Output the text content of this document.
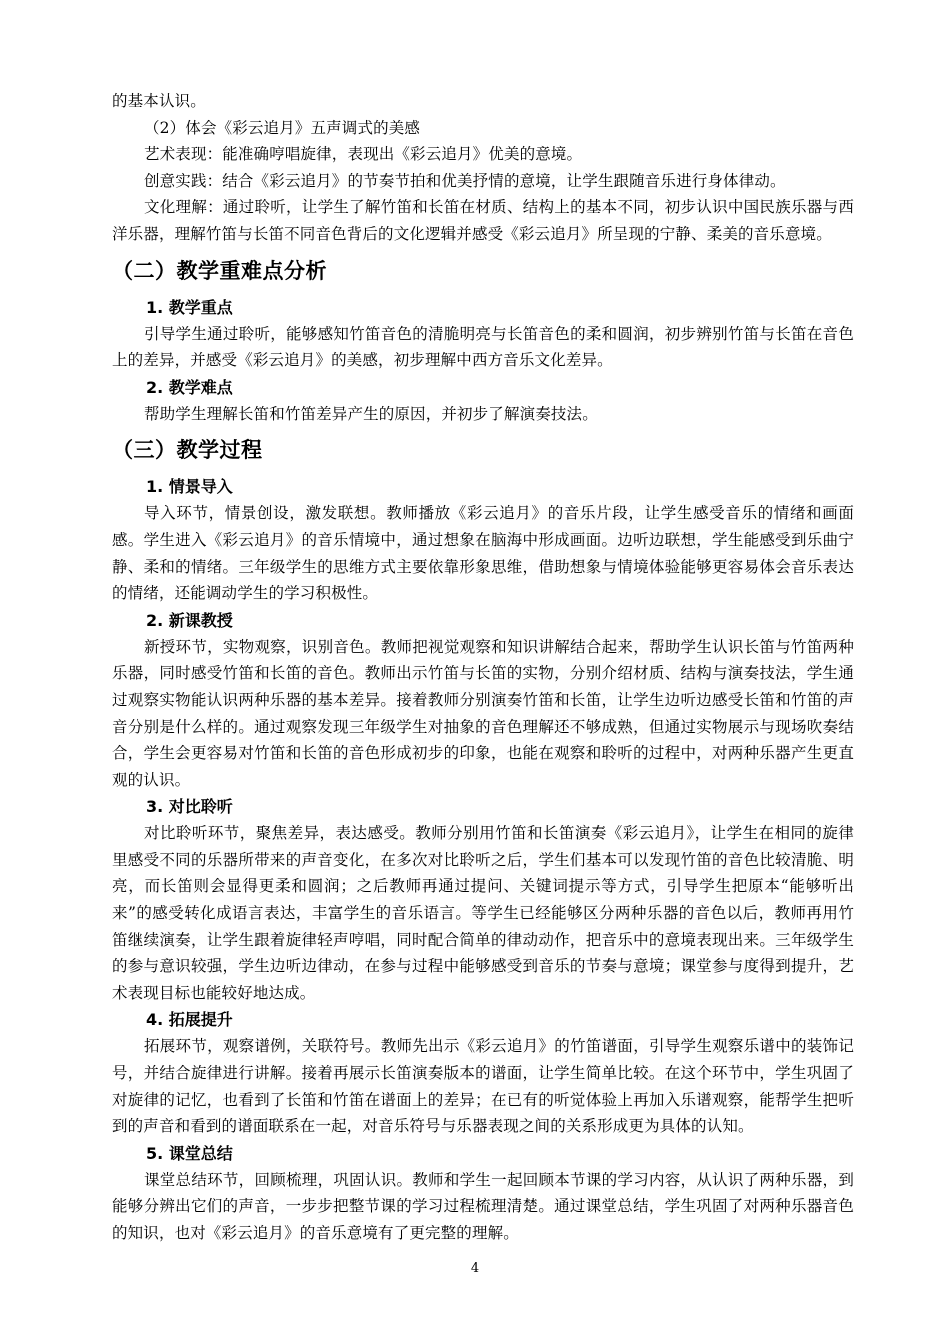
的基本认识。

（2）体会《彩云追月》五声调式的美感

艺术表现：能准确哼唱旋律，表现出《彩云追月》优美的意境。

创意实践：结合《彩云追月》的节奏节拍和优美抒情的意境，让学生跟随音乐进行身体律动。

文化理解：通过聆听，让学生了解竹笛和长笛在材质、结构上的基本不同，初步认识中国民族乐器与西洋乐器，理解竹笛与长笛不同音色背后的文化逻辑并感受《彩云追月》所呈现的宁静、柔美的音乐意境。

（二）教学重难点分析
1. 教学重点

引导学生通过聆听，能够感知竹笛音色的清脆明亮与长笛音色的柔和圆润，初步辨别竹笛与长笛在音色上的差异，并感受《彩云追月》的美感，初步理解中西方音乐文化差异。

2. 教学难点

帮助学生理解长笛和竹笛差异产生的原因，并初步了解演奏技法。

（三）教学过程
1. 情景导入

导入环节，情景创设，激发联想。教师播放《彩云追月》的音乐片段，让学生感受音乐的情绪和画面感。学生进入《彩云追月》的音乐情境中，通过想象在脑海中形成画面。边听边联想，学生能感受到乐曲宁静、柔和的情绪。三年级学生的思维方式主要依靠形象思维，借助想象与情境体验能够更容易体会音乐表达的情绪，还能调动学生的学习积极性。

2. 新课教授

新授环节，实物观察，识别音色。教师把视觉观察和知识讲解结合起来，帮助学生认识长笛与竹笛两种乐器，同时感受竹笛和长笛的音色。教师出示竹笛与长笛的实物，分别介绍材质、结构与演奏技法，学生通过观察实物能认识两种乐器的基本差异。接着教师分别演奏竹笛和长笛，让学生边听边感受长笛和竹笛的声音分别是什么样的。通过观察发现三年级学生对抽象的音色理解还不够成熟，但通过实物展示与现场吹奏结合，学生会更容易对竹笛和长笛的音色形成初步的印象，也能在观察和聆听的过程中，对两种乐器产生更直观的认识。

3. 对比聆听

对比聆听环节，聚焦差异，表达感受。教师分别用竹笛和长笛演奏《彩云追月》，让学生在相同的旋律里感受不同的乐器所带来的声音变化，在多次对比聆听之后，学生们基本可以发现竹笛的音色比较清脆、明亮，而长笛则会显得更柔和圆润；之后教师再通过提问、关键词提示等方式，引导学生把原本“能够听出来”的感受转化成语言表达，丰富学生的音乐语言。等学生已经能够区分两种乐器的音色以后，教师再用竹笛继续演奏，让学生跟着旋律轻声哼唱，同时配合简单的律动动作，把音乐中的意境表现出来。三年级学生的参与意识较强，学生边听边律动，在参与过程中能够感受到音乐的节奏与意境；课堂参与度得到提升，艺术表现目标也能较好地达成。

4. 拓展提升

拓展环节，观察谱例，关联符号。教师先出示《彩云追月》的竹笛谱面，引导学生观察乐谱中的装饰记号，并结合旋律进行讲解。接着再展示长笛演奏版本的谱面，让学生简单比较。在这个环节中，学生巩固了对旋律的记忆，也看到了长笛和竹笛在谱面上的差异；在已有的听觉体验上再加入乐谱观察，能帮学生把听到的声音和看到的谱面联系在一起，对音乐符号与乐器表现之间的关系形成更为具体的认知。

5. 课堂总结

课堂总结环节，回顾梳理，巩固认识。教师和学生一起回顾本节课的学习内容，从认识了两种乐器，到能够分辨出它们的声音，一步步把整节课的学习过程梳理清楚。通过课堂总结，学生巩固了对两种乐器音色的知识，也对《彩云追月》的音乐意境有了更完整的理解。

4
